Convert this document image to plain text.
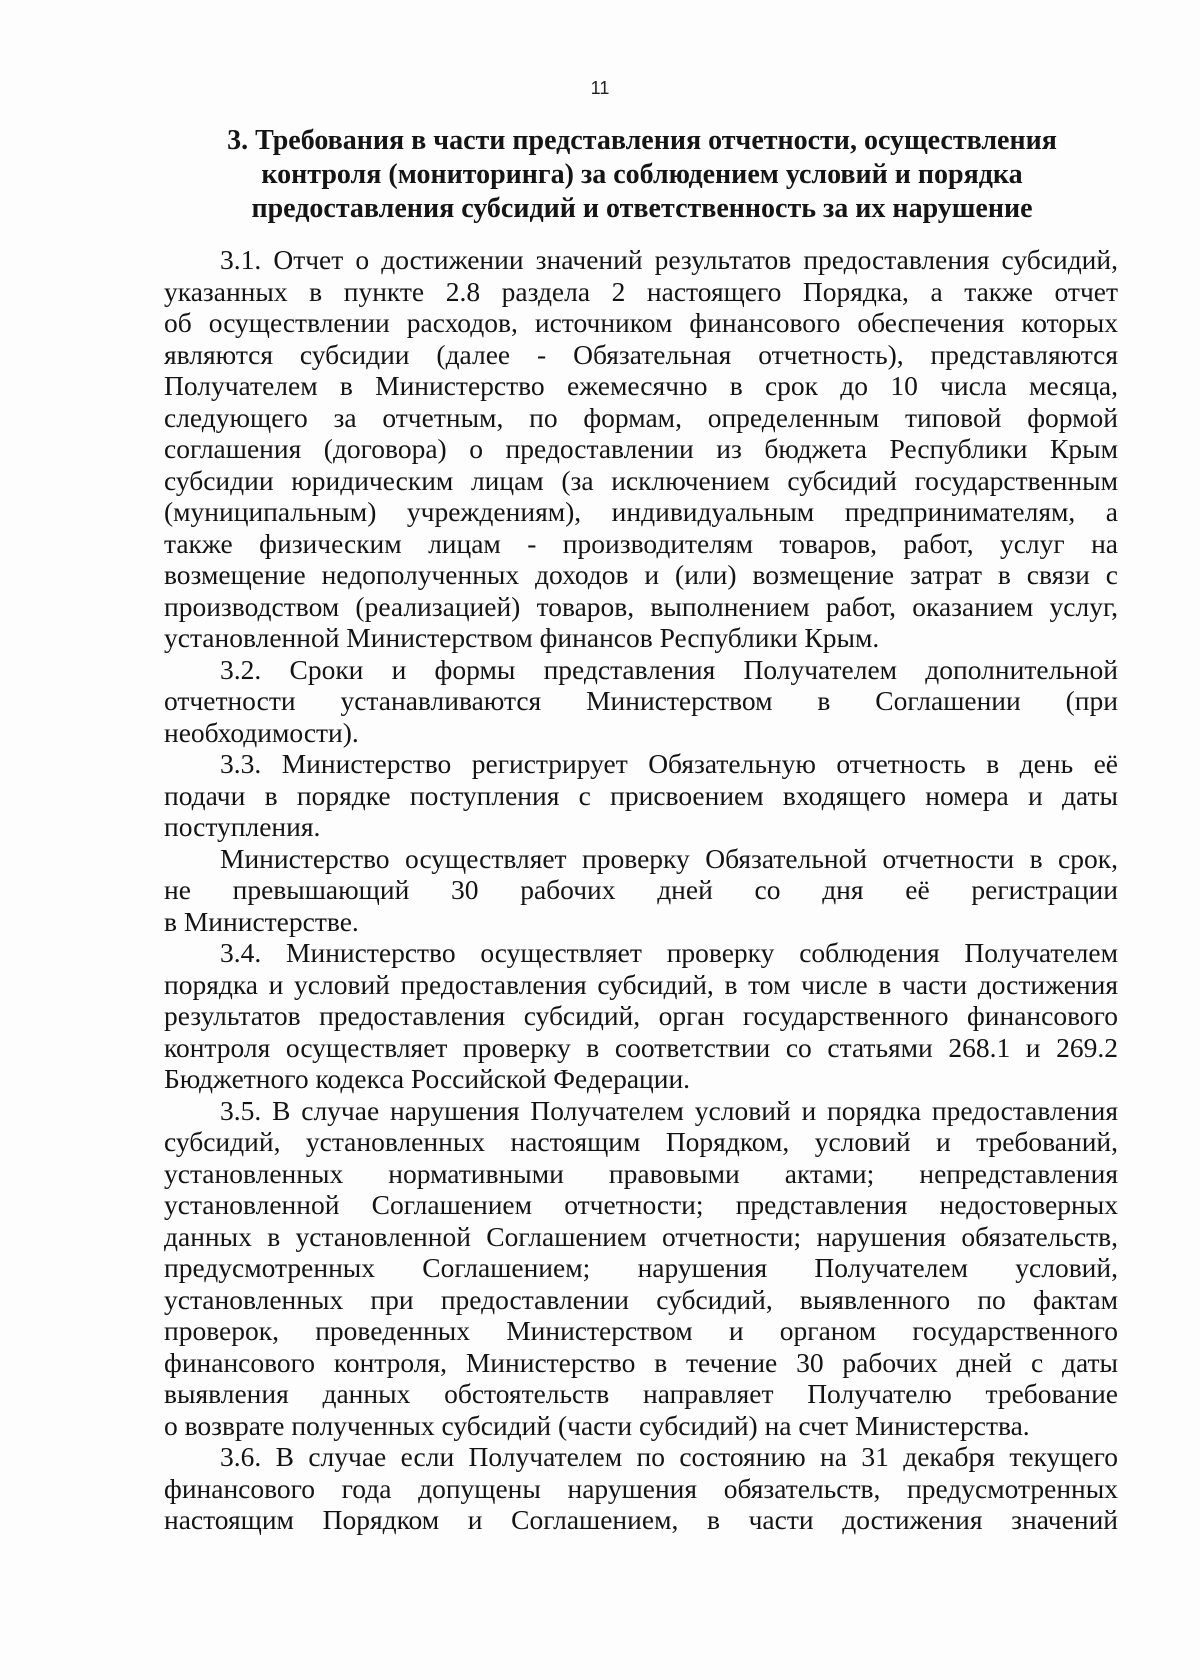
11
3. Требования в части представления отчетности, осуществления
контроля (мониторинга) за соблюдением условий и порядка
предоставления субсидий и ответственность за их нарушение
3.1. Отчет о достижении значений результатов предоставления субсидий,
указанных в пункте 2.8 раздела 2 настоящего Порядка, а также отчет
об осуществлении расходов, источником финансового обеспечения которых
являются субсидии (далее - Обязательная отчетность), представляются
Получателем в Министерство ежемесячно в срок до 10 числа месяца,
следующего за отчетным, по формам, определенным типовой формой
соглашения (договора) о предоставлении из бюджета Республики Крым
субсидии юридическим лицам (за исключением субсидий государственным
(муниципальным) учреждениям), индивидуальным предпринимателям, а
также физическим лицам - производителям товаров, работ, услуг на
возмещение недополученных доходов и (или) возмещение затрат в связи с
производством (реализацией) товаров, выполнением работ, оказанием услуг,
установленной Министерством финансов Республики Крым.
3.2. Сроки и формы представления Получателем дополнительной
отчетности устанавливаются Министерством в Соглашении (при
необходимости).
3.3. Министерство регистрирует Обязательную отчетность в день её
подачи в порядке поступления с присвоением входящего номера и даты
поступления.
Министерство осуществляет проверку Обязательной отчетности в срок,
не превышающий 30 рабочих дней со дня её регистрации
в Министерстве.
3.4. Министерство осуществляет проверку соблюдения Получателем
порядка и условий предоставления субсидий, в том числе в части достижения
результатов предоставления субсидий, орган государственного финансового
контроля осуществляет проверку в соответствии со статьями 268.1 и 269.2
Бюджетного кодекса Российской Федерации.
3.5. В случае нарушения Получателем условий и порядка предоставления
субсидий, установленных настоящим Порядком, условий и требований,
установленных нормативными правовыми актами; непредставления
установленной Соглашением отчетности; представления недостоверных
данных в установленной Соглашением отчетности; нарушения обязательств,
предусмотренных Соглашением; нарушения Получателем условий,
установленных при предоставлении субсидий, выявленного по фактам
проверок, проведенных Министерством и органом государственного
финансового контроля, Министерство в течение 30 рабочих дней с даты
выявления данных обстоятельств направляет Получателю требование
о возврате полученных субсидий (части субсидий) на счет Министерства.
3.6. В случае если Получателем по состоянию на 31 декабря текущего
финансового года допущены нарушения обязательств, предусмотренных
настоящим Порядком и Соглашением, в части достижения значений
